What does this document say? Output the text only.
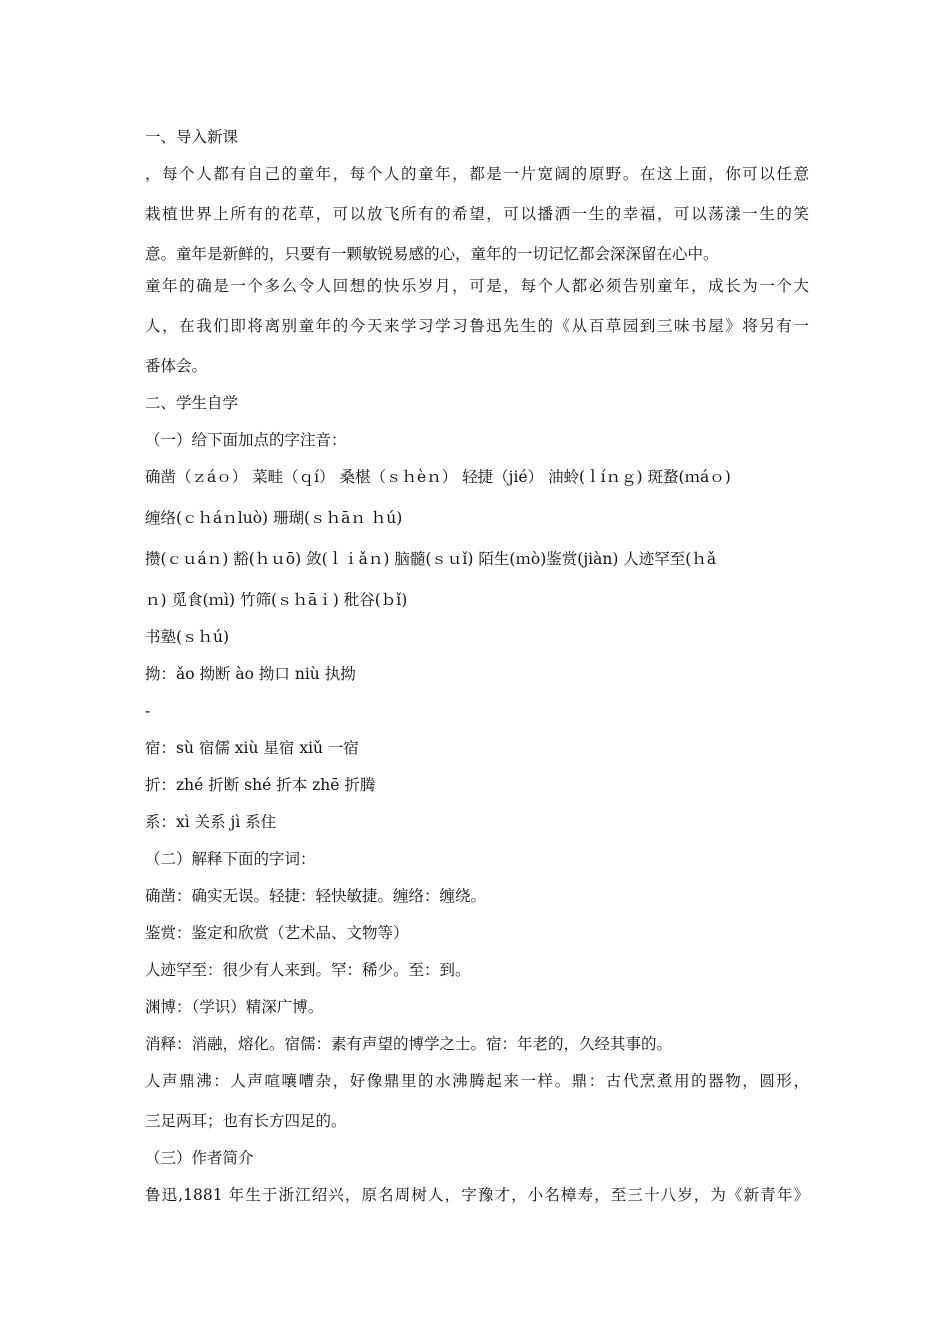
一、导入新课
，每个人都有自己的童年，每个人的童年，都是一片宽阔的原野。在这上面，你可以任意
栽植世界上所有的花草，可以放飞所有的希望，可以播洒一生的幸福，可以荡漾一生的笑
意。童年是新鲜的，只要有一颗敏锐易感的心，童年的一切记忆都会深深留在心中。
童年的确是一个多么令人回想的快乐岁月，可是，每个人都必须告别童年，成长为一个大
人，在我们即将离别童年的今天来学习学习鲁迅先生的《从百草园到三味书屋》将另有一
番体会。
二、学生自学
（一）给下面加点的字注音：
确凿（ｚáｏ） 菜畦（ｑí） 桑椹（ｓｈèｎ） 轻捷（jié） 油蛉(ｌíｎｇ) 斑蝥(ｍáｏ)
缠络(ｃｈáｎluò) 珊瑚(ｓｈāｎ ｈú)
攒(ｃｕáｎ) 豁(ｈｕō) 敛(ｌｉǎｎ) 脑髓(ｓｕǐ) 陌生(ｍò)鉴赏(jiàn) 人迹罕至(ｈǎ
ｎ) 觅食(ｍì) 竹筛(ｓｈāｉ) 秕谷(ｂǐ)
书塾(ｓｈú)
拗：ǎo 拗断 ào 拗口 niù 执拗
-
宿：sù 宿儒 xiù 星宿 xiǔ 一宿
折：zhé 折断 shé 折本 zhē 折腾
系：xì 关系 jì 系住
（二）解释下面的字词：
确凿：确实无误。轻捷：轻快敏捷。缠络：缠绕。
鉴赏：鉴定和欣赏（艺术品、文物等）
人迹罕至：很少有人来到。罕：稀少。至：到。
渊博：（学识）精深广博。
消释：消融，熔化。宿儒：素有声望的博学之士。宿：年老的，久经其事的。
人声鼎沸：人声喧嚷嘈杂，好像鼎里的水沸腾起来一样。鼎：古代烹煮用的器物，圆形，
三足两耳；也有长方四足的。
（三）作者简介
鲁迅,1881 年生于浙江绍兴，原名周树人，字豫才，小名樟寿，至三十八岁，为《新青年》
